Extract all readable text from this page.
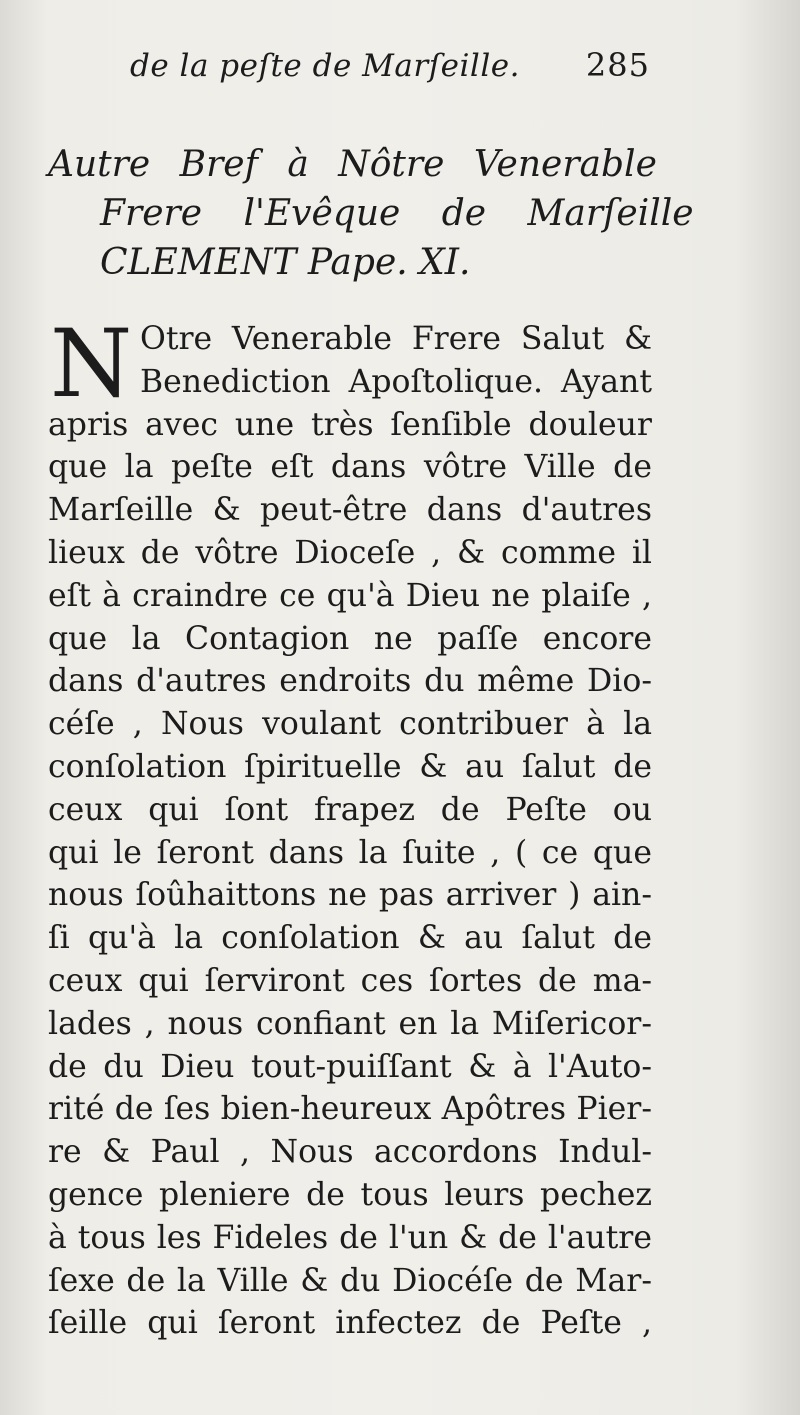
de la peſte de Marſeille. 285
Autre Bref à Nôtre Venerable
Frere l'Evêque de Marſeille
CLEMENT Pape. XI.
N Otre Venerable Frere Salut &
Benediction Apoſtolique. Ayant
apris avec une très ſenſible douleur
que la peſte eſt dans vôtre Ville de
Marſeille & peut-être dans d'autres
lieux de vôtre Dioceſe , & comme il
eſt à craindre ce qu'à Dieu ne plaiſe ,
que la Contagion ne paſſe encore
dans d'autres endroits du même Dio-
céſe , Nous voulant contribuer à la
conſolation ſpirituelle & au ſalut de
ceux qui ſont frapez de Peſte ou
qui le ſeront dans la ſuite , ( ce que
nous ſoûhaittons ne pas arriver ) ain-
ſi qu'à la conſolation & au ſalut de
ceux qui ſerviront ces ſortes de ma-
lades , nous confiant en la Miſericor-
de du Dieu tout-puiſſant & à l'Auto-
rité de ſes bien-heureux Apôtres Pier-
re & Paul , Nous accordons Indul-
gence pleniere de tous leurs pechez
à tous les Fideles de l'un & de l'autre
ſexe de la Ville & du Diocéſe de Mar-
ſeille qui ſeront infectez de Peſte ,
